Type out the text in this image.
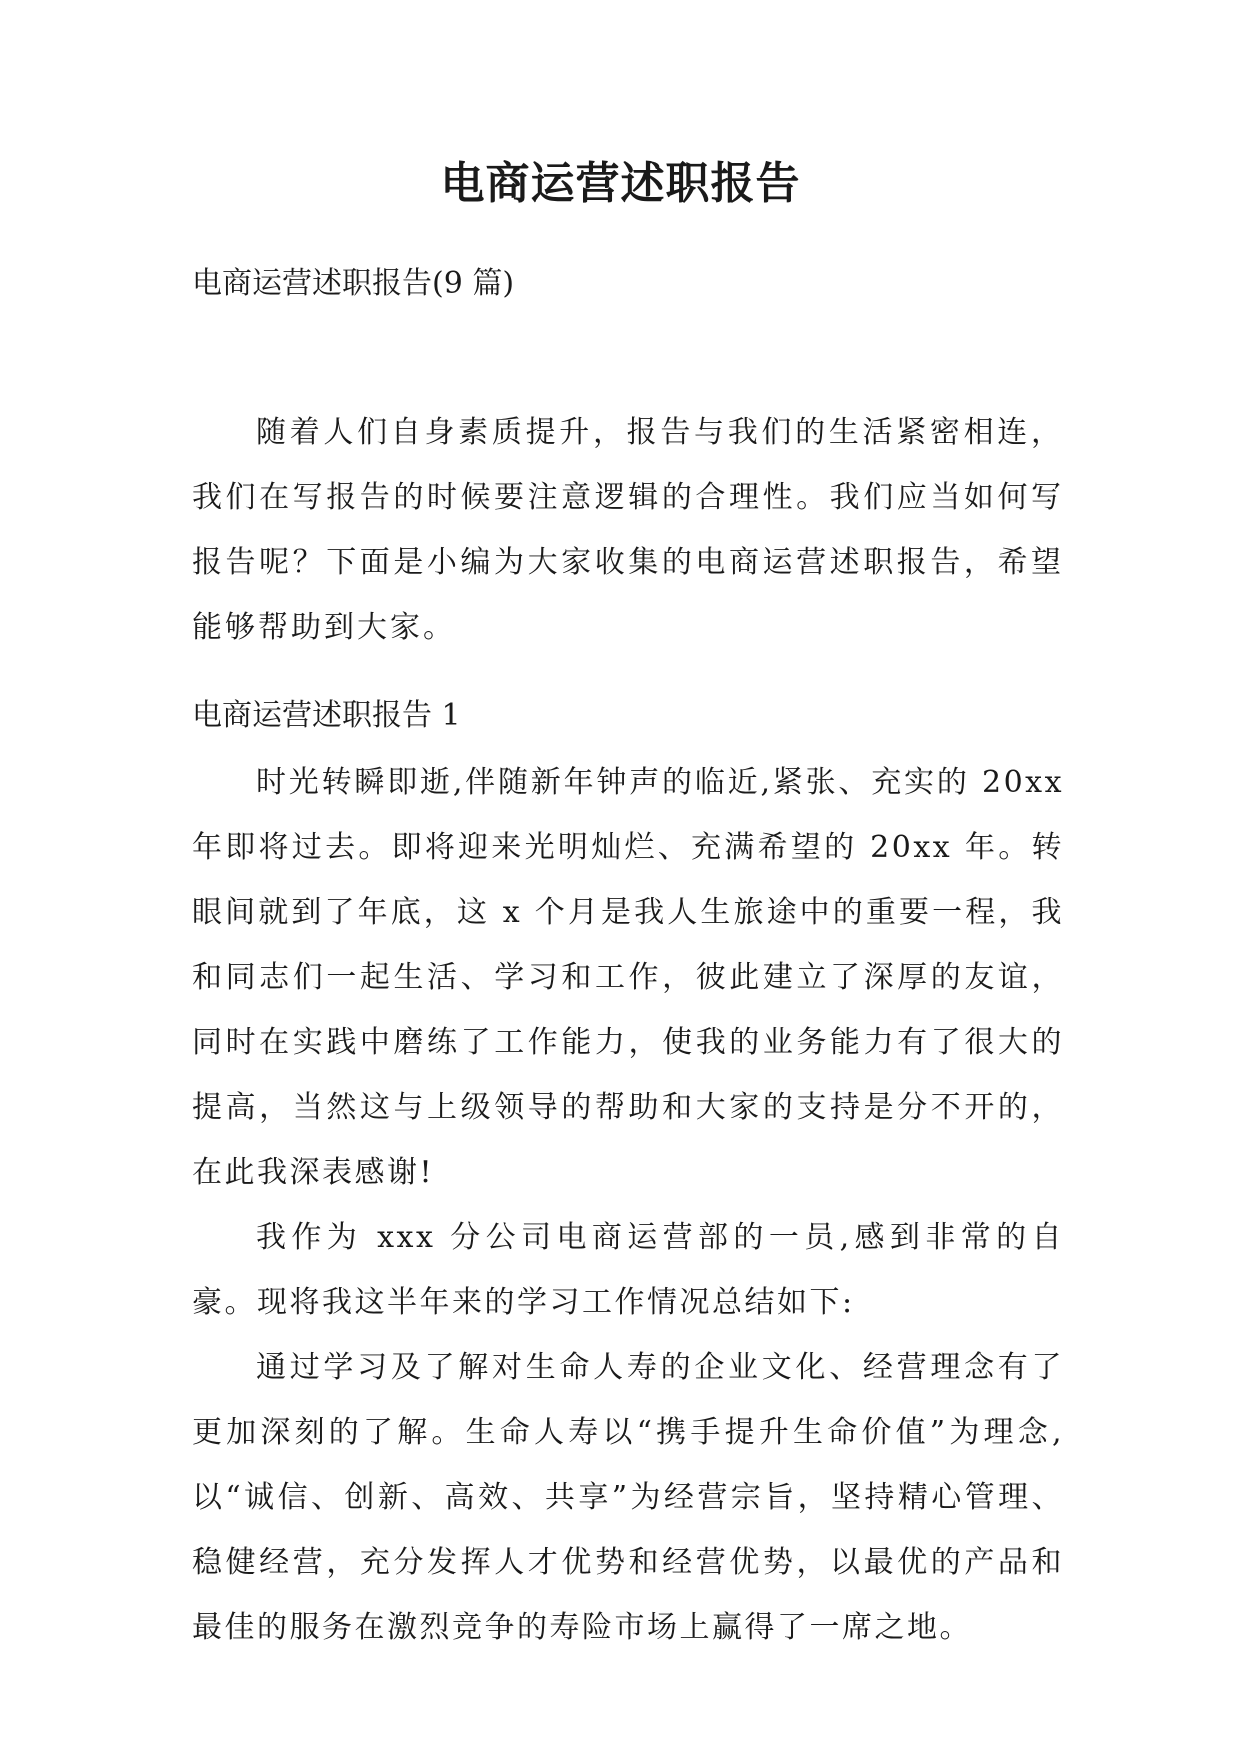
电商运营述职报告
电商运营述职报告(9 篇)

随着人们自身素质提升，报告与我们的生活紧密相连，我们在写报告的时候要注意逻辑的合理性。我们应当如何写报告呢？下面是小编为大家收集的电商运营述职报告，希望能够帮助到大家。

电商运营述职报告 1

时光转瞬即逝,伴随新年钟声的临近,紧张、充实的 20xx 年即将过去。即将迎来光明灿烂、充满希望的 20xx 年。转眼间就到了年底，这 x 个月是我人生旅途中的重要一程，我和同志们一起生活、学习和工作，彼此建立了深厚的友谊，同时在实践中磨练了工作能力，使我的业务能力有了很大的提高，当然这与上级领导的帮助和大家的支持是分不开的，在此我深表感谢!

我作为 xxx 分公司电商运营部的一员,感到非常的自豪。现将我这半年来的学习工作情况总结如下:

通过学习及了解对生命人寿的企业文化、经营理念有了更加深刻的了解。生命人寿以“携手提升生命价值”为理念,以“诚信、创新、高效、共享”为经营宗旨，坚持精心管理、稳健经营，充分发挥人才优势和经营优势，以最优的产品和最佳的服务在激烈竞争的寿险市场上赢得了一席之地。
